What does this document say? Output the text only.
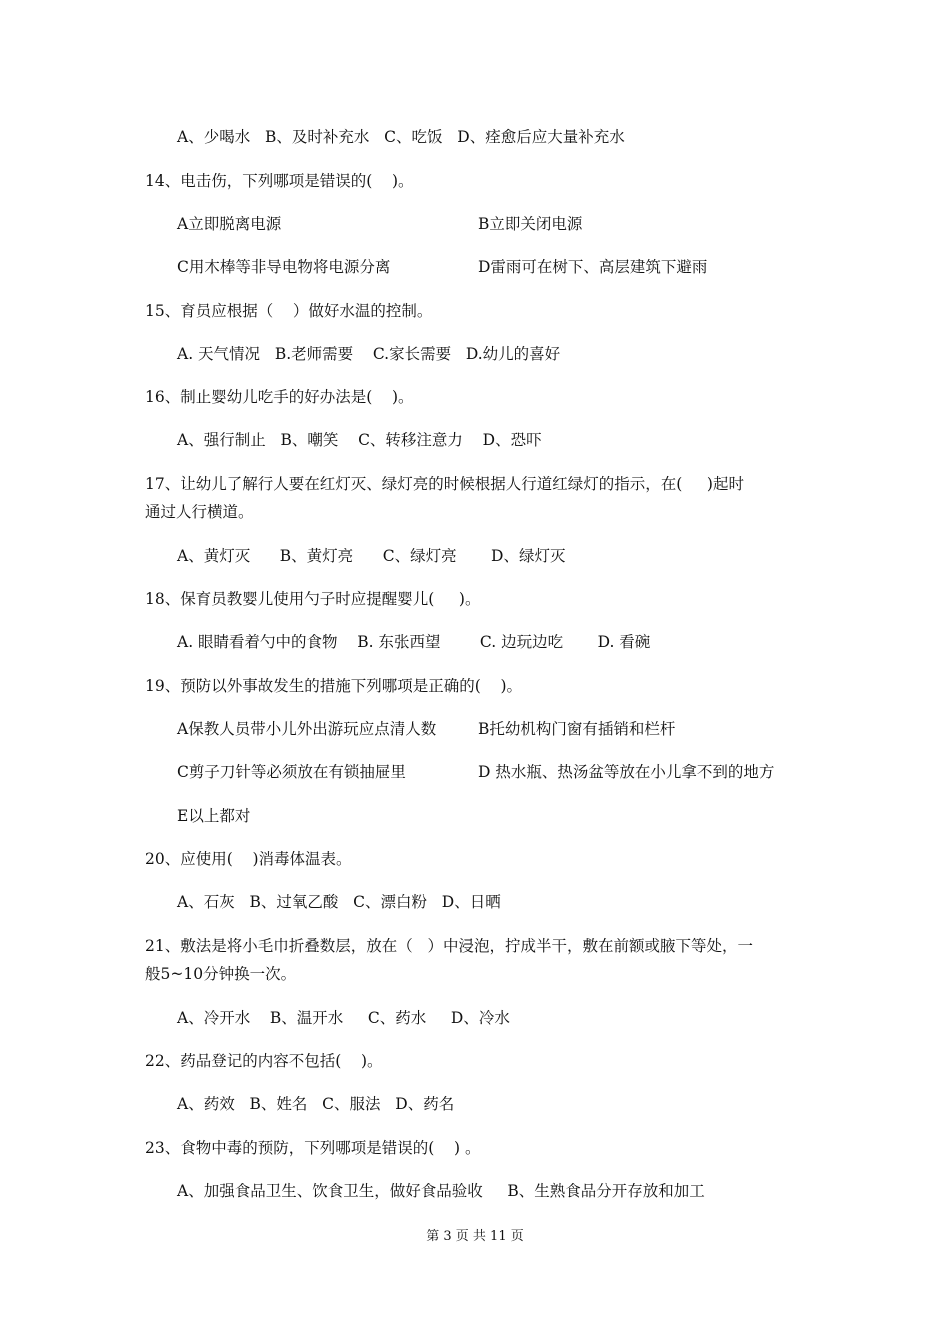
A、少喝水   B、及时补充水   C、吃饭   D、痊愈后应大量补充水
14、电击伤，下列哪项是错误的(    )。
A立即脱离电源	B立即关闭电源
C用木棒等非导电物将电源分离	D雷雨可在树下、高层建筑下避雨
15、育员应根据（    ）做好水温的控制。
A. 天气情况   B.老师需要    C.家长需要   D.幼儿的喜好
16、制止婴幼儿吃手的好办法是(    )。
A、强行制止   B、嘲笑    C、转移注意力    D、恐吓
17、让幼儿了解行人要在红灯灭、绿灯亮的时候根据人行道红绿灯的指示，在(     )起时
通过人行横道。
A、黄灯灭      B、黄灯亮      C、绿灯亮       D、绿灯灭
18、保育员教婴儿使用勺子时应提醒婴儿(     )。
A. 眼睛看着勺中的食物    B. 东张西望        C. 边玩边吃       D. 看碗
19、预防以外事故发生的措施下列哪项是正确的(    )。
A保教人员带小儿外出游玩应点清人数	B托幼机构门窗有插销和栏杆
C剪子刀针等必须放在有锁抽屉里	D 热水瓶、热汤盆等放在小儿拿不到的地方
E以上都对
20、应使用(    )消毒体温表。
A、石灰   B、过氧乙酸   C、漂白粉   D、日晒
21、敷法是将小毛巾折叠数层，放在（   ）中浸泡，拧成半干，敷在前额或腋下等处，一
般5~10分钟换一次。
A、冷开水    B、温开水     C、药水     D、冷水
22、药品登记的内容不包括(    )。
A、药效   B、姓名   C、服法   D、药名
23、食物中毒的预防，下列哪项是错误的(    ) 。
A、加强食品卫生、饮食卫生，做好食品验收     B、生熟食品分开存放和加工
第 3 页 共 11 页
